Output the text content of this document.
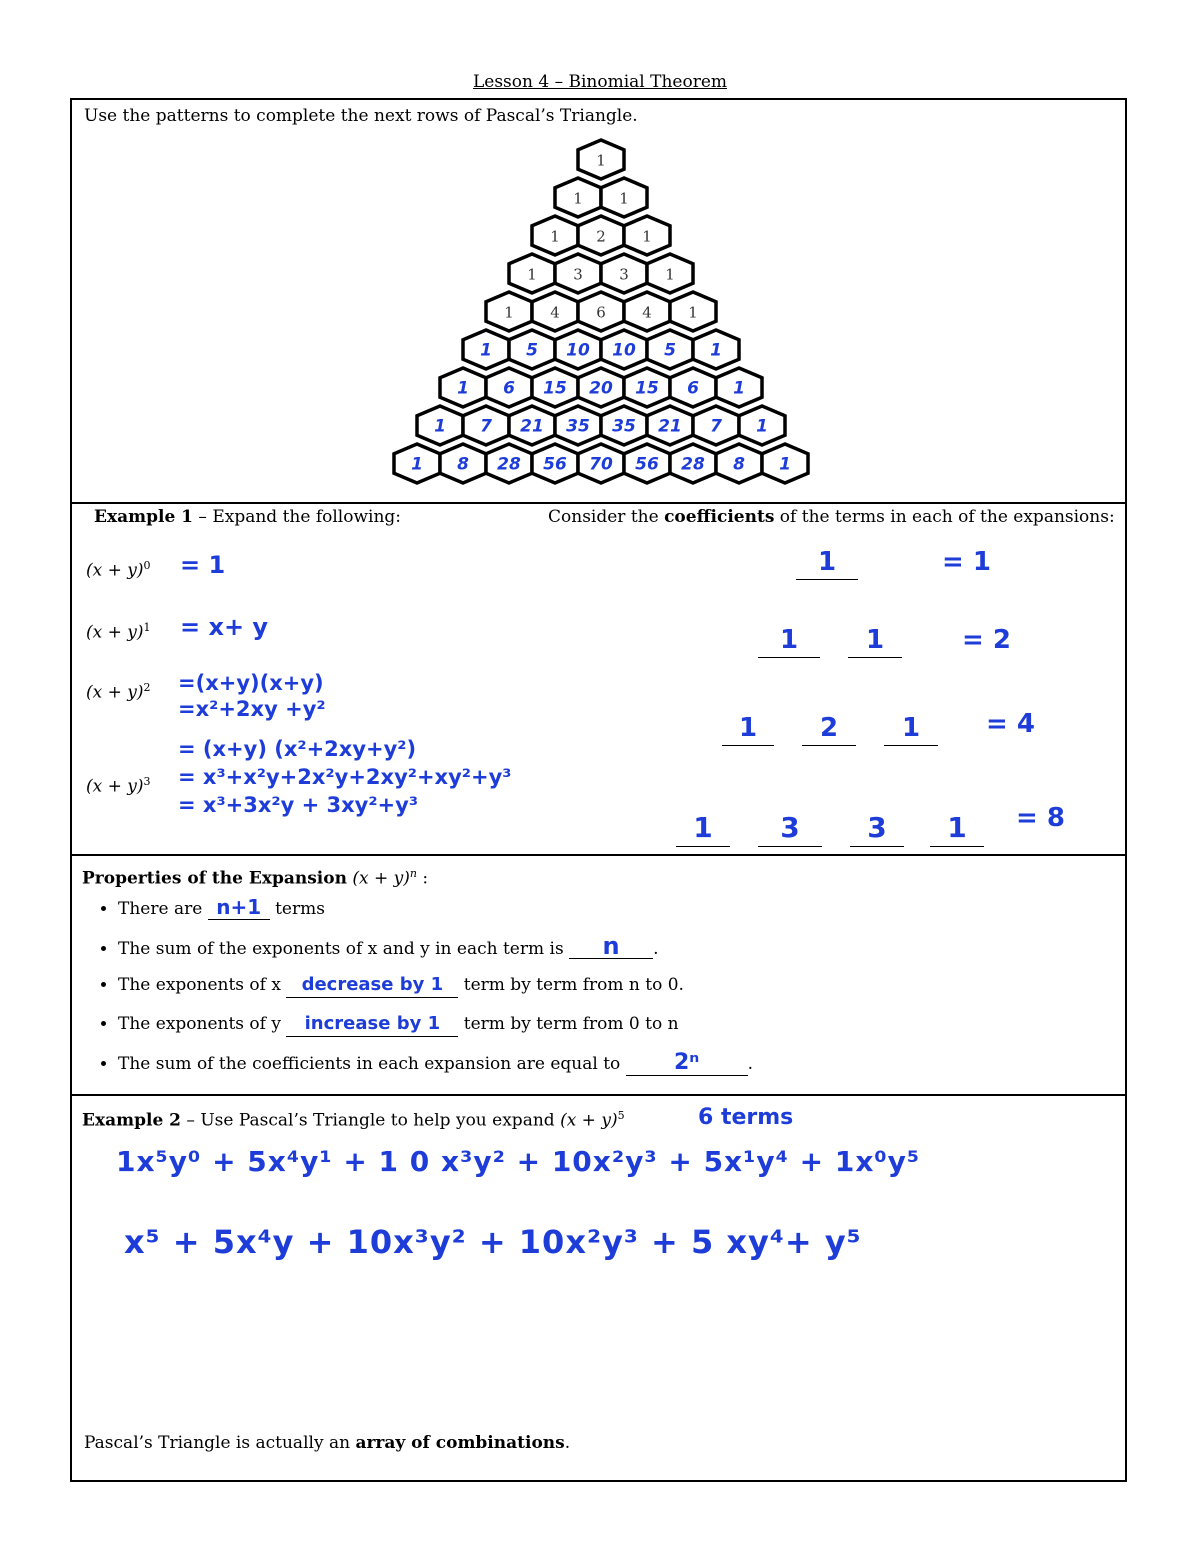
Lesson 4 – Binomial Theorem
Use the patterns to complete the next rows of Pascal’s Triangle.
1
1 1
1 2 1
1 3 3 1
1 4 6 4 1
1 5 10 10 5 1
1 6 15 20 15 6 1
1 7 21 35 35 21 7 1
1 8 28 56 70 56 28 8 1
Example 1 – Expand the following:	Consider the coefficients of the terms in each of the expansions:
$(x + y)^0 = 1$
$(x + y)^1 = x+ y$
$(x + y)^2 =(x+y)(x+y)$
=x²+2xy +y²
$(x + y)^3$
= (x+y) (x²+2xy+y²)
= x³+x²y+2x²y+2xy²+xy²+y³
= x³+3x²y + 3xy²+y³
1	= 1
1	1	= 2
1	2	1	= 4
1	3	3	1	= 8
Properties of the Expansion $(x + y)^n$ :
• There are n+1 terms
• The sum of the exponents of x and y in each term is n .
• The exponents of x decrease by 1 term by term from n to 0.
• The exponents of y increase by 1 term by term from 0 to n
• The sum of the coefficients in each expansion are equal to 2ⁿ	.
Example 2 – Use Pascal’s Triangle to help you expand $(x + y)^5$	6 terms
1x⁵y⁰ + 5x⁴y¹ + 1 0 x³y² + 10x²y³ + 5x¹y⁴ + 1x⁰y⁵
x⁵ + 5x⁴y + 10x³y² + 10x²y³ + 5 xy⁴+ y⁵
Pascal’s Triangle is actually an array of combinations.
